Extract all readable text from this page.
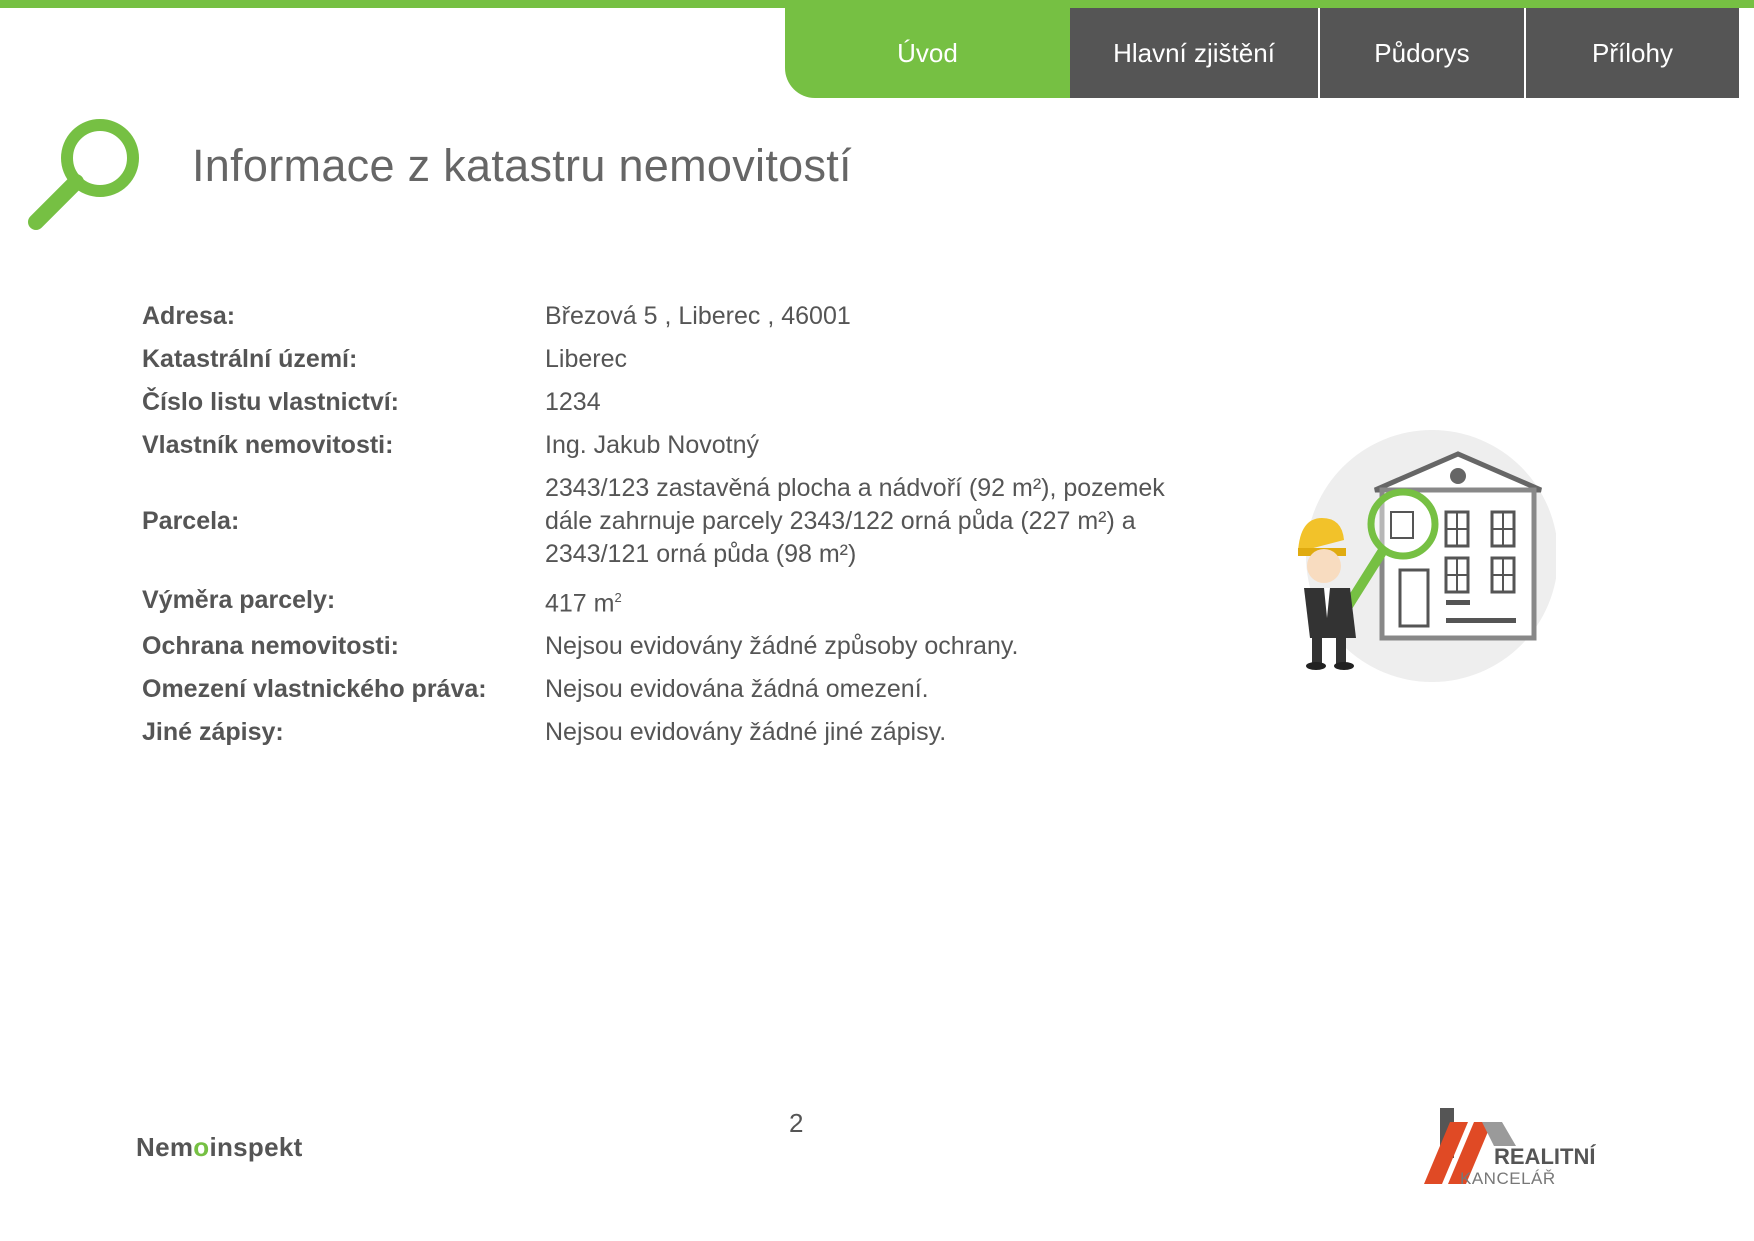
Úvod	Hlavní zjištění	Půdorys	Přílohy
Informace z katastru nemovitostí
Adresa:	Březová 5 , Liberec , 46001
Katastrální území:	Liberec
Číslo listu vlastnictví:	1234
Vlastník nemovitosti:	Ing. Jakub Novotný
Parcela:
2343/123 zastavěná plocha a nádvoří (92 m²), pozemek dále zahrnuje parcely 2343/122 orná půda (227 m²) a 2343/121 orná půda (98 m²)
Výměra parcely:	417 $m^2$
Ochrana nemovitosti:	Nejsou evidovány žádné způsoby ochrany.
Omezení vlastnického práva:	Nejsou evidována žádná omezení.
Jiné zápisy:	Nejsou evidovány žádné jiné zápisy.
2
Nemoinspekt	REALITNÍ
KANCELÁŘ
